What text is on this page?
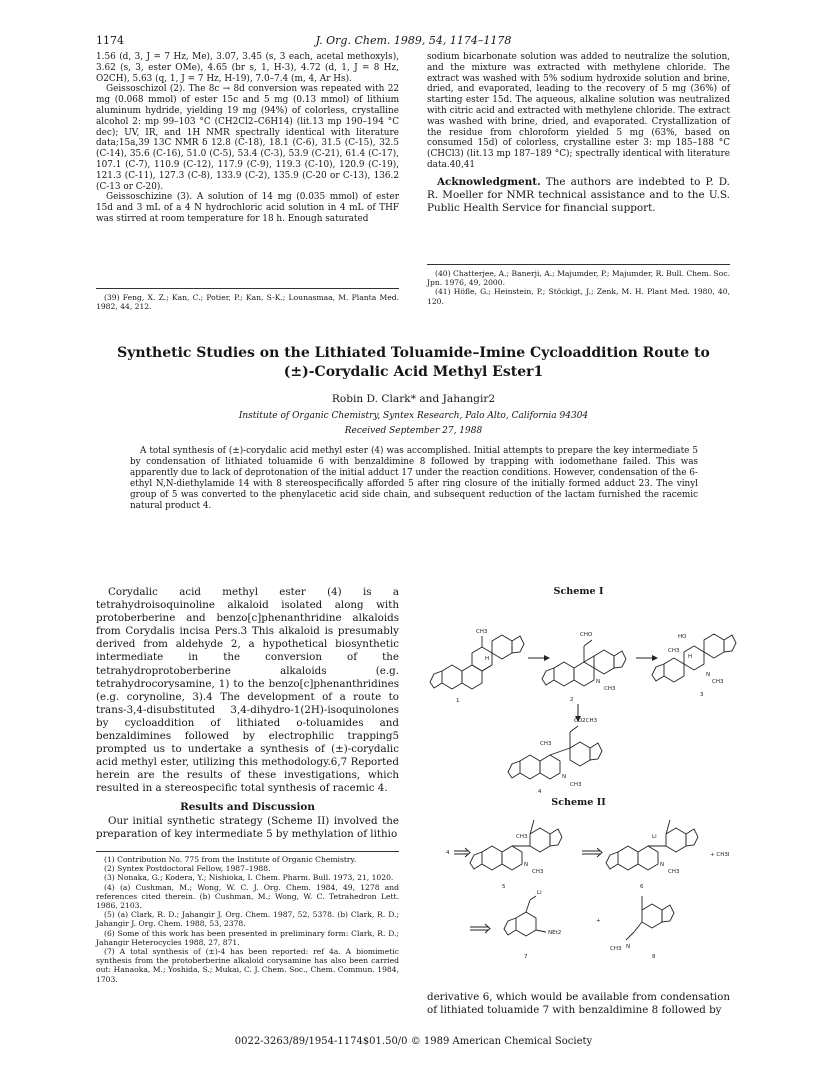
1174	J. Org. Chem. 1989, 54, 1174–1178

1.56 (d, 3, J = 7 Hz, Me), 3.07, 3.45 (s, 3 each, acetal methoxyls), 3.62 (s, 3, ester OMe), 4.65 (br s, 1, H-3), 4.72 (d, 1, J = 8 Hz, O2CH), 5.63 (q, 1, J = 7 Hz, H-19), 7.0–7.4 (m, 4, Ar Hs).

Geissoschizol (2). The 8c → 8d conversion was repeated with 22 mg (0.068 mmol) of ester 15c and 5 mg (0.13 mmol) of lithium aluminum hydride, yielding 19 mg (94%) of colorless, crystalline alcohol 2: mp 99–103 °C (CH2Cl2–C6H14) (lit.13 mp 190–194 °C dec); UV, IR, and 1H NMR spectrally identical with literature data;15a,39 13C NMR δ 12.8 (C-18), 18.1 (C-6), 31.5 (C-15), 32.5 (C-14), 35.6 (C-16), 51.0 (C-5), 53.4 (C-3), 53.9 (C-21), 61.4 (C-17), 107.1 (C-7), 110.9 (C-12), 117.9 (C-9), 119.3 (C-10), 120.9 (C-19), 121.3 (C-11), 127.3 (C-8), 133.9 (C-2), 135.9 (C-20 or C-13), 136.2 (C-13 or C-20).

Geissoschizine (3). A solution of 14 mg (0.035 mmol) of ester 15d and 3 mL of a 4 N hydrochloric acid solution in 4 mL of THF was stirred at room temperature for 18 h. Enough saturated

(39) Feng, X. Z.; Kan, C.; Potier, P.; Kan, S-K.; Lounasmaa, M. Planta Med. 1982, 44, 212.

sodium bicarbonate solution was added to neutralize the solution, and the mixture was extracted with methylene chloride. The extract was washed with 5% sodium hydroxide solution and brine, dried, and evaporated, leading to the recovery of 5 mg (36%) of starting ester 15d. The aqueous, alkaline solution was neutralized with citric acid and extracted with methylene chloride. The extract was washed with brine, dried, and evaporated. Crystallization of the residue from chloroform yielded 5 mg (63%, based on consumed 15d) of colorless, crystalline ester 3: mp 185–188 °C (CHCl3) (lit.13 mp 187–189 °C); spectrally identical with literature data.40,41

Acknowledgment. The authors are indebted to P. D. R. Moeller for NMR technical assistance and to the U.S. Public Health Service for financial support.

(40) Chatterjee, A.; Banerji, A.; Majumder, P.; Majumder, R. Bull. Chem. Soc. Jpn. 1976, 49, 2000.

(41) Höfle, G.; Heinstein, P.; Stöckigt, J.; Zenk, M. H. Plant Med. 1980, 40, 120.

Synthetic Studies on the Lithiated Toluamide–Imine Cycloaddition Route to
(±)-Corydalic Acid Methyl Ester1
Robin D. Clark* and Jahangir2
Institute of Organic Chemistry, Syntex Research, Palo Alto, California 94304
Received September 27, 1988
A total synthesis of (±)-corydalic acid methyl ester (4) was accomplished. Initial attempts to prepare the key intermediate 5 by condensation of lithiated toluamide 6 with benzaldimine 8 followed by trapping with iodomethane failed. This was apparently due to lack of deprotonation of the initial adduct 17 under the reaction conditions. However, condensation of the 6-ethyl N,N-diethylamide 14 with 8 stereospecifically afforded 5 after ring closure of the initially formed adduct 23. The vinyl group of 5 was converted to the phenylacetic acid side chain, and subsequent reduction of the lactam furnished the racemic natural product 4.

Corydalic acid methyl ester (4) is a tetrahydroisoquinoline alkaloid isolated along with protoberberine and benzo[c]phenanthridine alkaloids from Corydalis incisa Pers.3 This alkaloid is presumably derived from aldehyde 2, a hypothetical biosynthetic intermediate in the conversion of the tetrahydroprotoberberine alkaloids (e.g. tetrahydrocorysamine, 1) to the benzo[c]phenanthridines (e.g. corynoline, 3).4 The development of a route to trans-3,4-disubstituted 3,4-dihydro-1(2H)-isoquinolones by cycloaddition of lithiated o-toluamides and benzaldimines followed by electrophilic trapping5 prompted us to undertake a synthesis of (±)-corydalic acid methyl ester, utilizing this methodology.6,7 Reported herein are the results of these investigations, which resulted in a stereospecific total synthesis of racemic 4.

Results and Discussion

Our initial synthetic strategy (Scheme II) involved the preparation of key intermediate 5 by methylation of lithio

(1) Contribution No. 775 from the Institute of Organic Chemistry.

(2) Syntex Postdoctoral Fellow, 1987–1988.

(3) Nonaka, G.; Kodera, Y.; Nishioka, I. Chem. Pharm. Bull. 1973, 21, 1020.

(4) (a) Cushman, M.; Wong, W. C. J. Org. Chem. 1984, 49, 1278 and references cited therein. (b) Cushman, M.; Wong, W. C. Tetrahedron Lett. 1986, 2103.

(5) (a) Clark, R. D.; Jahangir J. Org. Chem. 1987, 52, 5378. (b) Clark, R. D.; Jahangir J. Org. Chem. 1988, 53, 2378.

(6) Some of this work has been presented in preliminary form: Clark, R. D.; Jahangir Heterocycles 1988, 27, 871.

(7) A total synthesis of (±)-4 has been reported: ref 4a. A biomimetic synthesis from the protoberberine alkaloid corysamine has also been carried out: Hanaoka, M.; Yoshida, S.; Mukai, C. J. Chem. Soc., Chem. Commun. 1984, 1703.

Scheme I
CH3
H
1
CHO
N
CH3
2
HO
CH3
H
N
CH3
3
CO2CH3
CH3
N
CH3
4
Scheme II
4
CH3
N
CH3
5
Li
N
CH3
+ CH3I
6
Li
NEt2
7
+
N
CH3
8

derivative 6, which would be available from condensation of lithiated toluamide 7 with benzaldimine 8 followed by

0022-3263/89/1954-1174$01.50/0 © 1989 American Chemical Society
